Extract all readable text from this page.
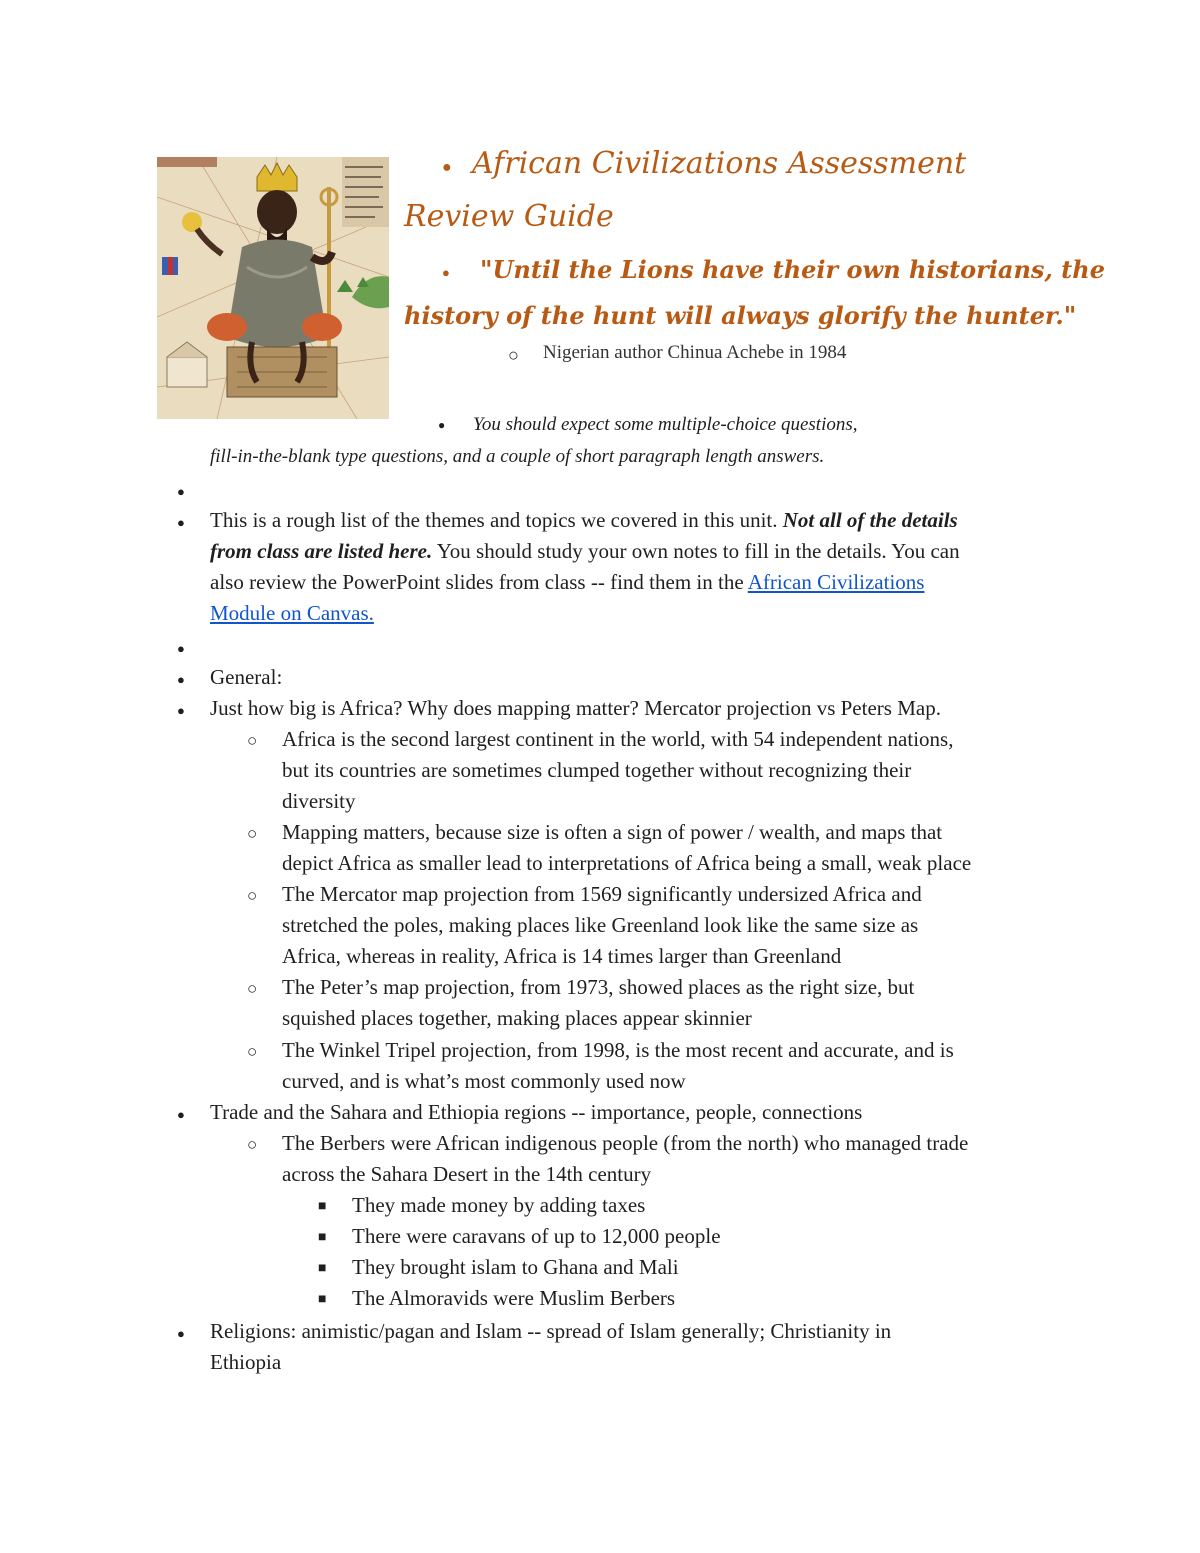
● African Civilizations Assessment
Review Guide
● "Until the Lions have their own historians, the
history of the hunt will always glorify the hunter."
○ Nigerian author Chinua Achebe in 1984
● You should expect some multiple-choice questions,
fill-in-the-blank type questions, and a couple of short paragraph length answers.
●
● This is a rough list of the themes and topics we covered in this unit. Not all of the details
from class are listed here. You should study your own notes to fill in the details. You can
also review the PowerPoint slides from class -- find them in the African Civilizations
Module on Canvas.
●
● General:
● Just how big is Africa? Why does mapping matter? Mercator projection vs Peters Map.
○ Africa is the second largest continent in the world, with 54 independent nations,
but its countries are sometimes clumped together without recognizing their
diversity
○ Mapping matters, because size is often a sign of power / wealth, and maps that
depict Africa as smaller lead to interpretations of Africa being a small, weak place
○ The Mercator map projection from 1569 significantly undersized Africa and
stretched the poles, making places like Greenland look like the same size as
Africa, whereas in reality, Africa is 14 times larger than Greenland
○ The Peter’s map projection, from 1973, showed places as the right size, but
squished places together, making places appear skinnier
○ The Winkel Tripel projection, from 1998, is the most recent and accurate, and is
curved, and is what’s most commonly used now
● Trade and the Sahara and Ethiopia regions -- importance, people, connections
○ The Berbers were African indigenous people (from the north) who managed trade
across the Sahara Desert in the 14th century
■ They made money by adding taxes
■ There were caravans of up to 12,000 people
■ They brought islam to Ghana and Mali
■ The Almoravids were Muslim Berbers
● Religions: animistic/pagan and Islam -- spread of Islam generally; Christianity in
Ethiopia
